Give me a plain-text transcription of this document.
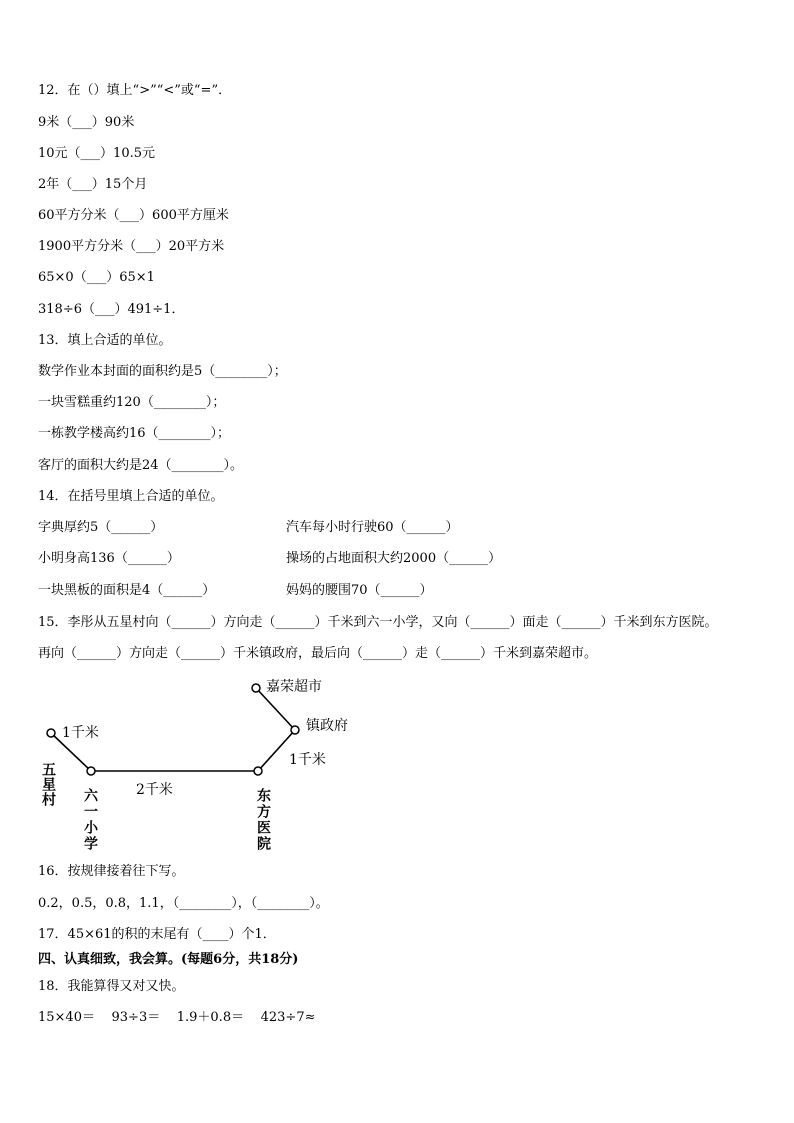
12．在（）填上“>”“<”或“=”．
9米（___）90米
10元（___）10.5元
2年（___）15个月
60平方分米（___）600平方厘米
1900平方分米（___）20平方米
65×0（___）65×1
318÷6（___）491÷1．
13．填上合适的单位。
数学作业本封面的面积约是5（________）；
一块雪糕重约120（________）；
一栋教学楼高约16（________）；
客厅的面积大约是24（________）。
14．在括号里填上合适的单位。
字典厚约5（______）	汽车每小时行驶60（______）
小明身高136（______）	操场的占地面积大约2000（______）
一块黑板的面积是4（______）	妈妈的腰围70（______）
15．李彤从五星村向（______）方向走（______）千米到六一小学，又向（______）面走（______）千米到东方医院。
再向（______）方向走（______）千米镇政府，最后向（______）走（______）千米到嘉荣超市。
1千米
2千米
1千米
镇政府
嘉荣超市
五星村
六一小学	东方医院
16．按规律接着往下写。
0.2，0.5，0.8，1.1，（________），（________）。
17．45×61的积的末尾有（____）个1．
四、认真细致，我会算。(每题6分，共18分)
18．我能算得又对又快。
15×40＝    93÷3＝    1.9＋0.8＝    423÷7≈
